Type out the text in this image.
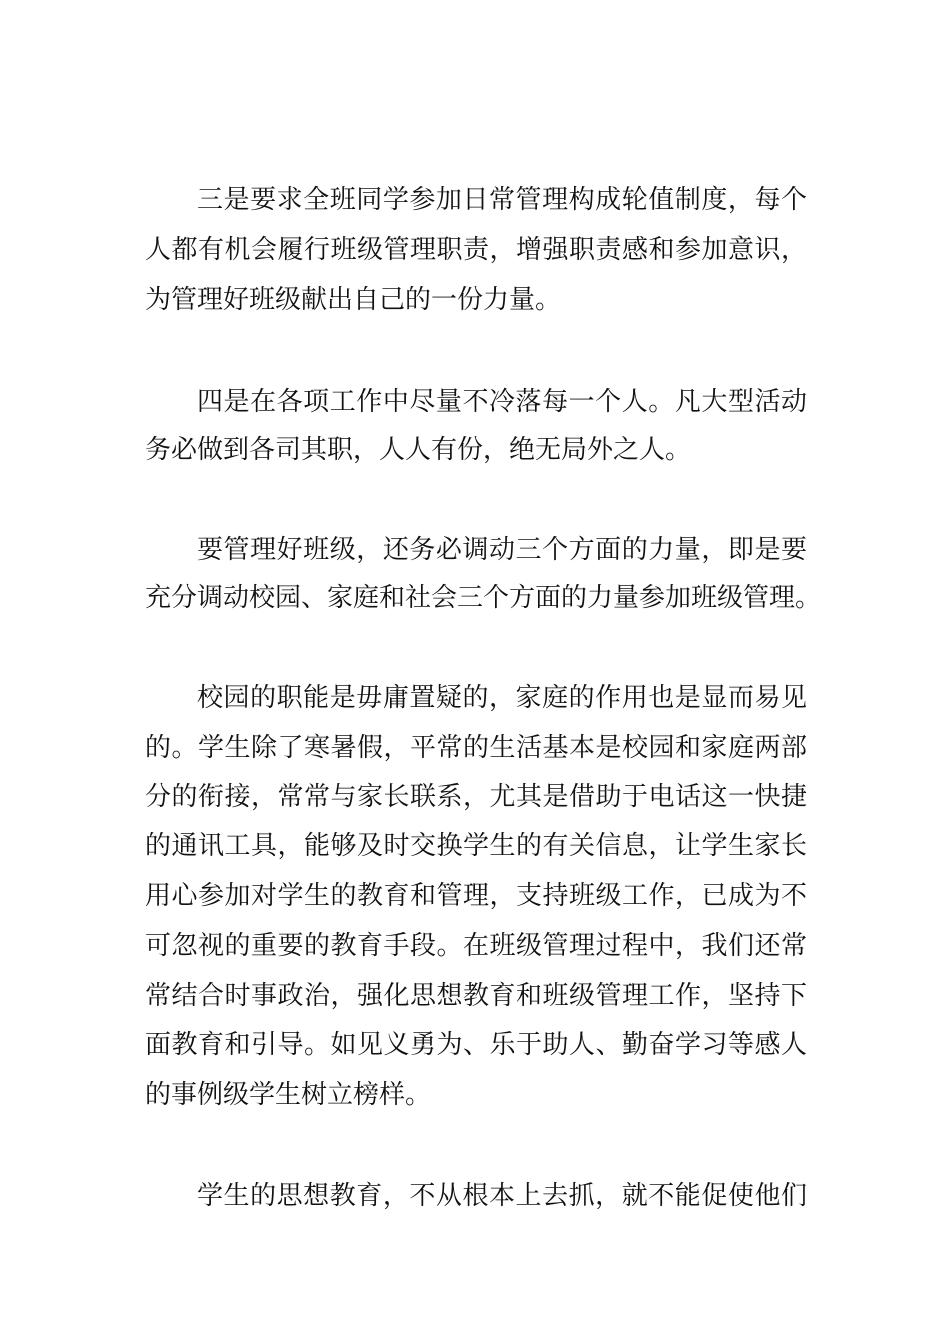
三是要求全班同学参加日常管理构成轮值制度，每个
人都有机会履行班级管理职责，增强职责感和参加意识，
为管理好班级献出自己的一份力量。
四是在各项工作中尽量不冷落每一个人。凡大型活动
务必做到各司其职，人人有份，绝无局外之人。
要管理好班级，还务必调动三个方面的力量，即是要
充分调动校园、家庭和社会三个方面的力量参加班级管理。
校园的职能是毋庸置疑的，家庭的作用也是显而易见
的。学生除了寒暑假，平常的生活基本是校园和家庭两部
分的衔接，常常与家长联系，尤其是借助于电话这一快捷
的通讯工具，能够及时交换学生的有关信息，让学生家长
用心参加对学生的教育和管理，支持班级工作，已成为不
可忽视的重要的教育手段。在班级管理过程中，我们还常
常结合时事政治，强化思想教育和班级管理工作，坚持下
面教育和引导。如见义勇为、乐于助人、勤奋学习等感人
的事例级学生树立榜样。
学生的思想教育，不从根本上去抓，就不能促使他们
